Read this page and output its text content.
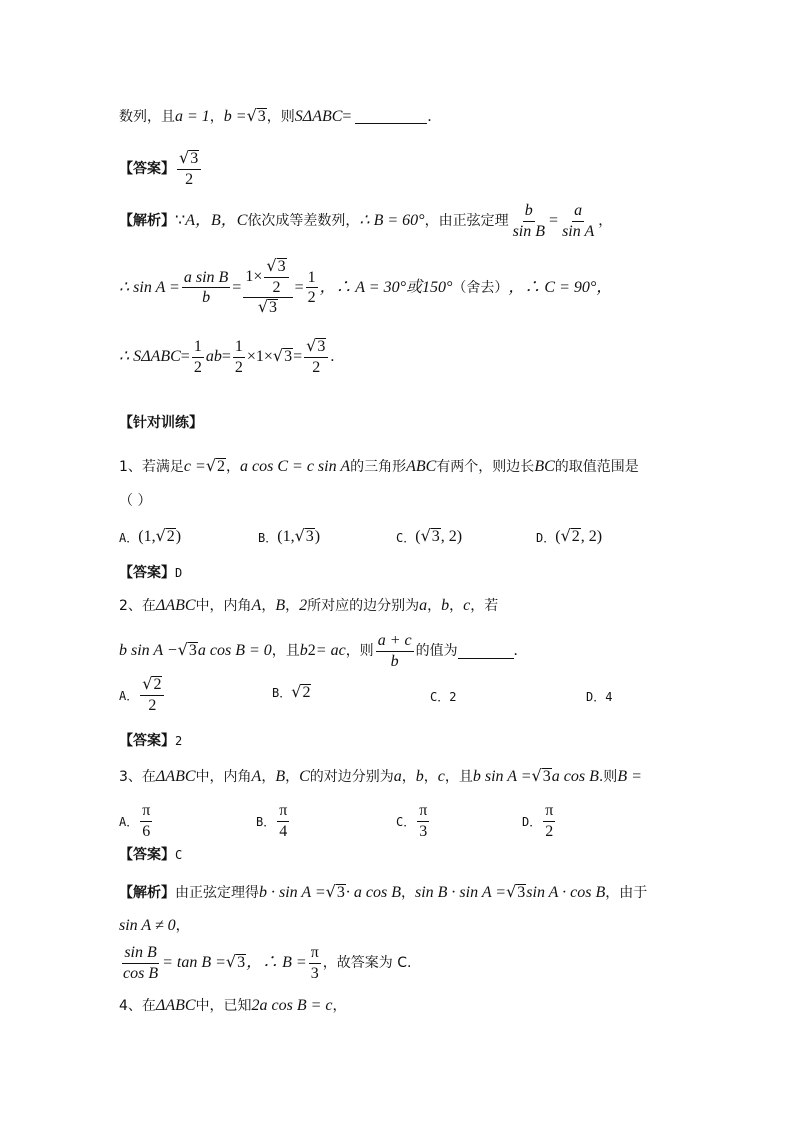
数列，且 a = 1 ， b = √ 3 ，则 S ΔABC =	.
【答案】 $\frac{√ 3}{2}$
【解析】 ∵ A，B，C 依次成等差数列， ∴ B = 60° ，由正弦定理 $\frac{b}{\text{sin B}} = \frac{a}{\text{sin A}}$ ，
∴ $\sin A = \frac{\text{a sin B}}{b} = \frac{1\times \frac{√ 3}{2}}{√ 3} = \frac{1}{2}$ ，∴ A = 30°或150° （舍去） ，∴ C = 90°，
∴ S $\Delta ABC = \frac{1}{2}$ ab = $\frac{1}{2} \times 1\times$ √ $3 = \frac{√ 3}{2}$ .
【针对训练】
1、若满足 c = √ 2 ， a cos C = c sin A 的三角形 ABC 有两个，则边长 BC 的取值范围是
（ ）
A． (1, √ 2 )	B． (1, √ 3 )	C． ( √ 3 , 2)	D． ( √ 2 , 2)
【答案】 D
2、在 ΔABC 中，内角 A ， B ， 2 所对应的边分别为 a ， b ， c ，若
b sin A − √ 3 a cos B = 0 ，且 b 2 = ac ，则 $\frac{a + c}{b}$ 的值为	.
A． $\frac{√ 2}{2}$	B． √ 2	C． 2	D． 4
【答案】 2
3、在 ΔABC 中，内角 A ， B ， C 的对边分别为 a ， b ， c ，且 b sin A = √ 3 a cos B .则 B =
A． $\frac{\pi}{6}$	B． $\frac{\pi}{4}$	C． $\frac{\pi}{3}$	D． $\frac{\pi}{2}$
【答案】 C
【解析】 由正弦定理得 b · sin A = √ 3 · a cos B ， sin B · sin A = √ 3 sin A · cos B ，由于
sin A ≠ 0 ，
$\frac{\text{sin B}}{\text{cos B}} = \tan B$ = √ 3 ，∴ $B = \frac{\pi}{3}$ ，故答案为 C.
4、在 ΔABC 中，已知 2a cos B = c ，
